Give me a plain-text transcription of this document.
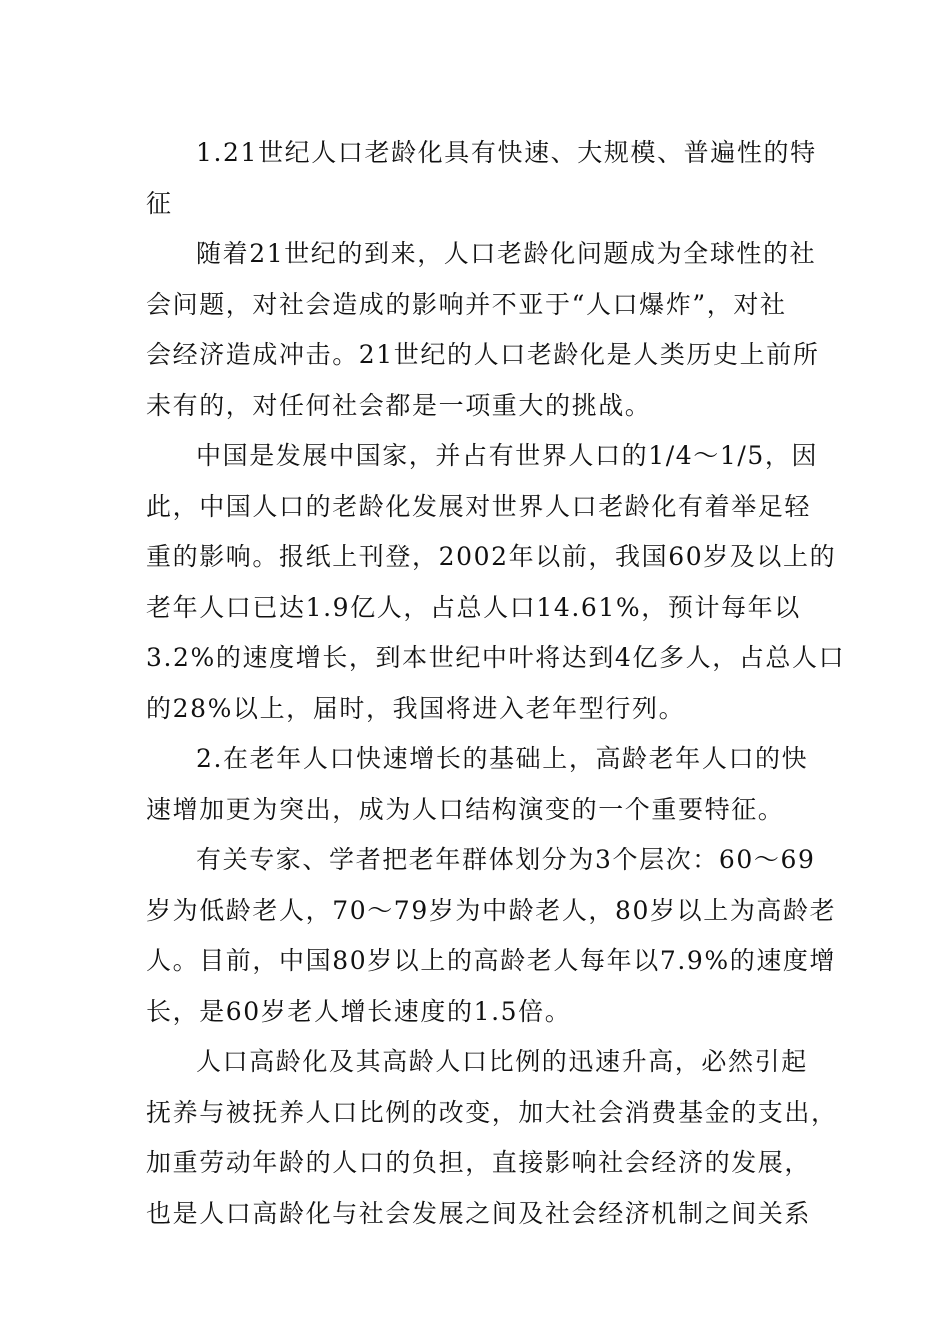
1.21世纪人口老龄化具有快速、大规模、普遍性的特
征
随着21世纪的到来，人口老龄化问题成为全球性的社
会问题，对社会造成的影响并不亚于“人口爆炸”，对社
会经济造成冲击。21世纪的人口老龄化是人类历史上前所
未有的，对任何社会都是一项重大的挑战。
中国是发展中国家，并占有世界人口的1/4～1/5，因
此，中国人口的老龄化发展对世界人口老龄化有着举足轻
重的影响。报纸上刊登，2002年以前，我国60岁及以上的
老年人口已达1.9亿人，占总人口14.61%，预计每年以
3.2%的速度增长，到本世纪中叶将达到4亿多人，占总人口
的28%以上，届时，我国将进入老年型行列。
2.在老年人口快速增长的基础上，高龄老年人口的快
速增加更为突出，成为人口结构演变的一个重要特征。
有关专家、学者把老年群体划分为3个层次：60～69
岁为低龄老人，70～79岁为中龄老人，80岁以上为高龄老
人。目前，中国80岁以上的高龄老人每年以7.9%的速度增
长，是60岁老人增长速度的1.5倍。
人口高龄化及其高龄人口比例的迅速升高，必然引起
抚养与被抚养人口比例的改变，加大社会消费基金的支出，
加重劳动年龄的人口的负担，直接影响社会经济的发展，
也是人口高龄化与社会发展之间及社会经济机制之间关系
